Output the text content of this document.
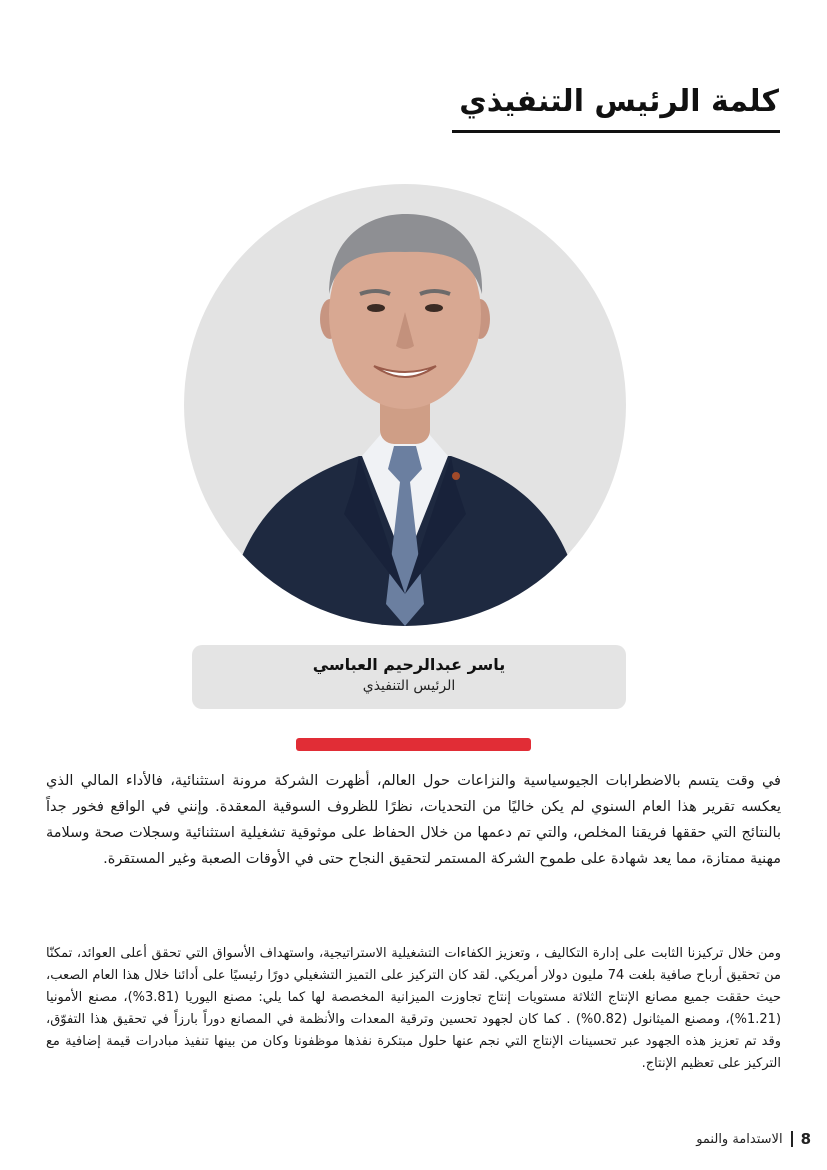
كلمة الرئيس التنفيذي
ياسر عبدالرحيم العباسي
الرئيس التنفيذي
في وقت يتسم بالاضطرابات الجيوسياسية والنزاعات حول العالم، أظهرت الشركة مرونة استثنائية، فالأداء المالي الذي يعكسه تقرير هذا العام السنوي لم يكن خاليًا من التحديات، نظرًا للظروف السوقية المعقدة. وإنني في الواقع فخور جداً بالنتائج التي حققها فريقنا المخلص، والتي تم دعمها من خلال الحفاظ على موثوقية تشغيلية استثنائية وسجلات صحة وسلامة مهنية ممتازة، مما يعد شهادة على طموح الشركة المستمر لتحقيق النجاح حتى في الأوقات الصعبة وغير المستقرة.
ومن خلال تركيزنا الثابت على إدارة التكاليف ، وتعزيز الكفاءات التشغيلية الاستراتيجية، واستهداف الأسواق التي تحقق أعلى العوائد، تمكنّا من تحقيق أرباح صافية بلغت 74 مليون دولار أمريكي. لقد كان التركيز على التميز التشغيلي دورًا رئيسيًا على أدائنا خلال هذا العام الصعب، حيث حققت جميع مصانع الإنتاج الثلاثة مستويات إنتاج تجاوزت الميزانية المخصصة لها كما يلي: مصنع اليوريا (3.81%)، مصنع الأمونيا (1.21%)، ومصنع الميثانول (0.82%) . كما كان لجهود تحسين وترقية المعدات والأنظمة في المصانع دوراً بارزاً في تحقيق هذا التفوّق، وقد تم تعزيز هذه الجهود عبر تحسينات الإنتاج التي نجم عنها حلول مبتكرة نفذها موظفونا وكان من بينها تنفيذ مبادرات قيمة إضافية مع التركيز على تعظيم الإنتاج.
8
الاستدامة والنمو
